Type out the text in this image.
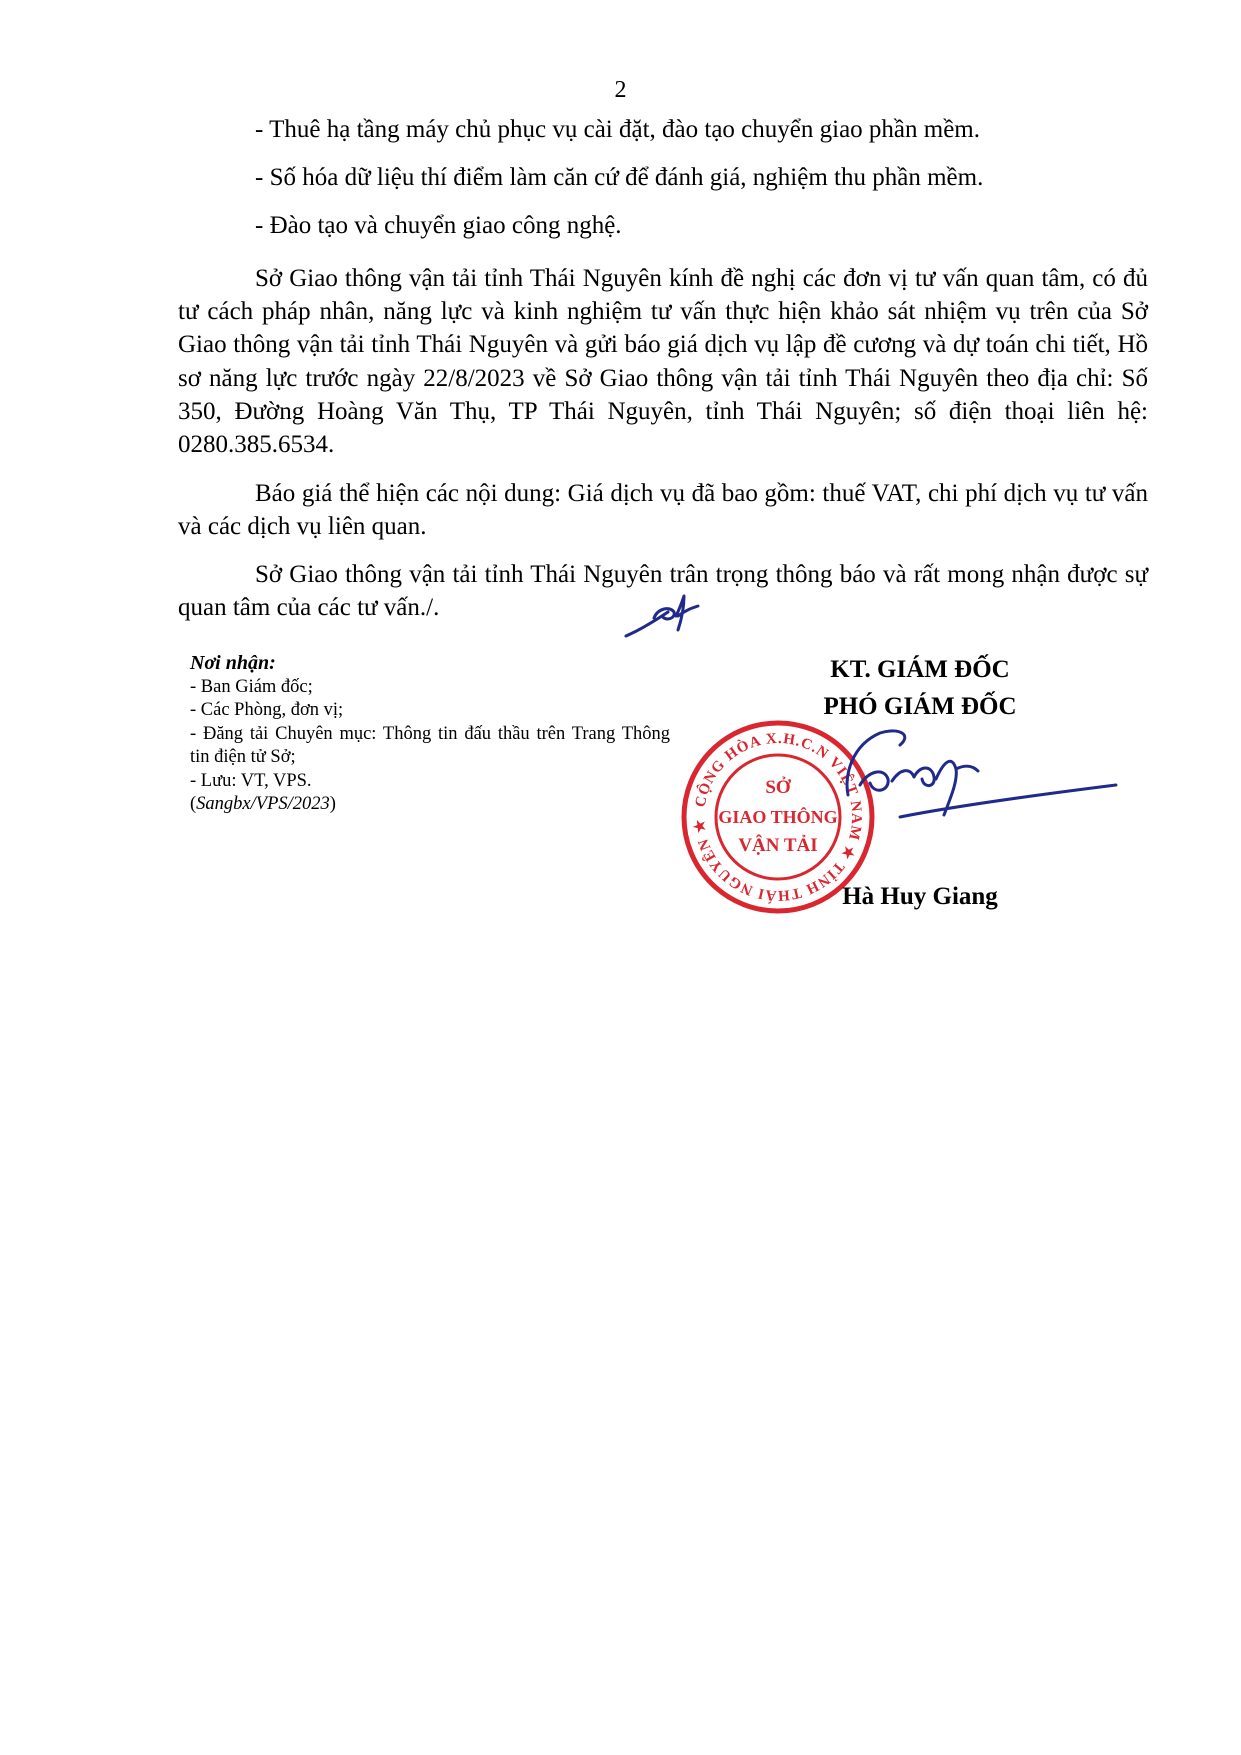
2
- Thuê hạ tầng máy chủ phục vụ cài đặt, đào tạo chuyển giao phần mềm.
- Số hóa dữ liệu thí điểm làm căn cứ để đánh giá, nghiệm thu phần mềm.
- Đào tạo và chuyển giao công nghệ.
Sở Giao thông vận tải tỉnh Thái Nguyên kính đề nghị các đơn vị tư vấn quan tâm, có đủ tư cách pháp nhân, năng lực và kinh nghiệm tư vấn thực hiện khảo sát nhiệm vụ trên của Sở Giao thông vận tải tỉnh Thái Nguyên và gửi báo giá dịch vụ lập đề cương và dự toán chi tiết, Hồ sơ năng lực trước ngày 22/8/2023 về Sở Giao thông vận tải tỉnh Thái Nguyên theo địa chỉ: Số 350, Đường Hoàng Văn Thụ, TP Thái Nguyên, tỉnh Thái Nguyên; số điện thoại liên hệ: 0280.385.6534.
Báo giá thể hiện các nội dung: Giá dịch vụ đã bao gồm: thuế VAT, chi phí dịch vụ tư vấn và các dịch vụ liên quan.
Sở Giao thông vận tải tỉnh Thái Nguyên trân trọng thông báo và rất mong nhận được sự quan tâm của các tư vấn./.
Nơi nhận:
- Ban Giám đốc;
- Các Phòng, đơn vị;
- Đăng tải Chuyên mục: Thông tin đấu thầu trên Trang Thông tin điện tử Sở;
- Lưu: VT, VPS.
(Sangbx/VPS/2023)
KT. GIÁM ĐỐC
PHÓ GIÁM ĐỐC
CỘNG HÒA X.H.C.N VIỆT NAM ★ TỈNH THÁI NGUYÊN ★
SỞ
GIAO THÔNG
VẬN TẢI
Hà Huy Giang
